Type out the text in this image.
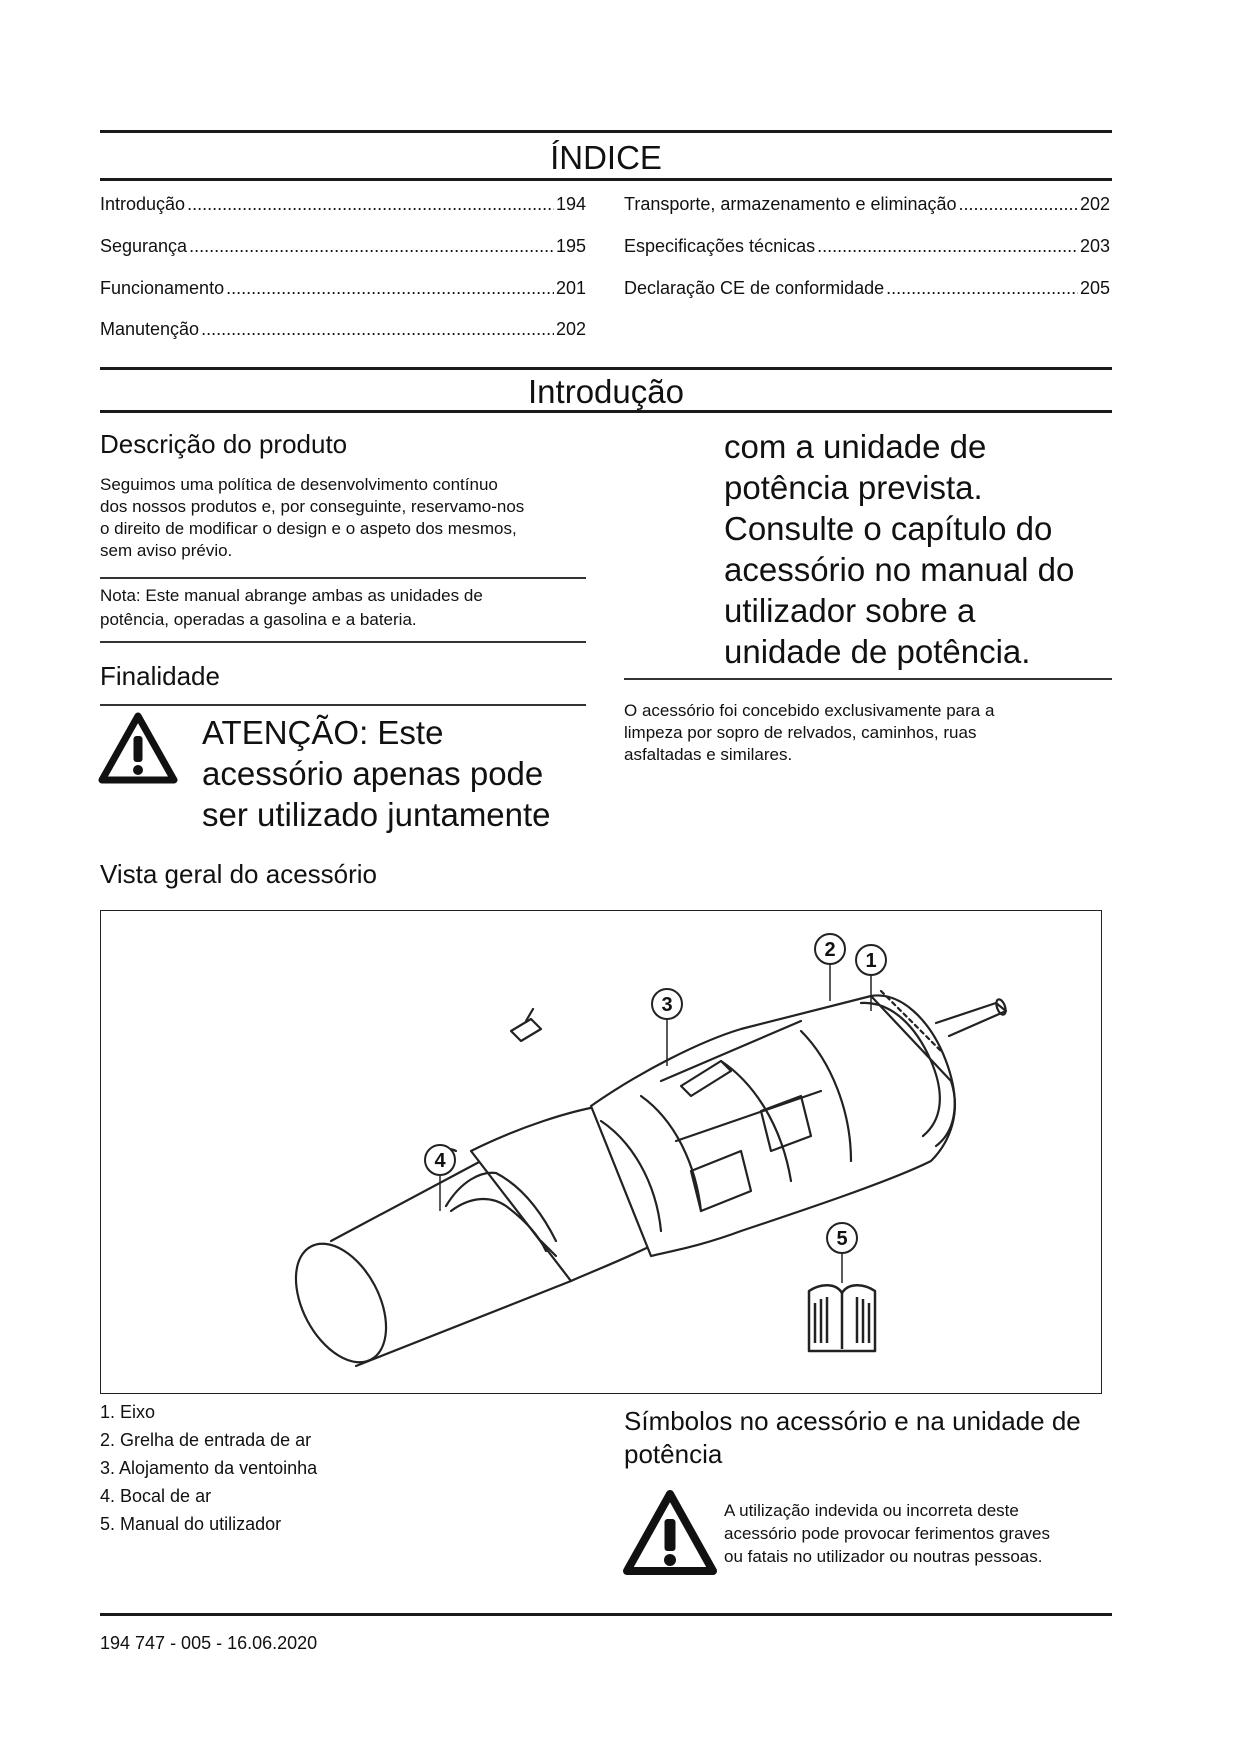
ÍNDICE
Introdução .....	194
Segurança .....	195
Funcionamento .....	201
Manutenção .....	202
Transporte, armazenamento e eliminação .....	202
Especificações técnicas .....	203
Declaração CE de conformidade .....	205
Introdução
Descrição do produto
Seguimos uma política de desenvolvimento contínuo
dos nossos produtos e, por conseguinte, reservamo-nos
o direito de modificar o design e o aspeto dos mesmos,
sem aviso prévio.
Nota: Este manual abrange ambas as unidades de
potência, operadas a gasolina e a bateria.
Finalidade
ATENÇÃO: Este
acessório apenas pode
ser utilizado juntamente
com a unidade de
potência prevista.
Consulte o capítulo do
acessório no manual do
utilizador sobre a
unidade de potência.
O acessório foi concebido exclusivamente para a
limpeza por sopro de relvados, caminhos, ruas
asfaltadas e similares.
Vista geral do acessório
1
2
3
4
5
1. Eixo
2. Grelha de entrada de ar
3. Alojamento da ventoinha
4. Bocal de ar
5. Manual do utilizador
Símbolos no acessório e na unidade de
potência
A utilização indevida ou incorreta deste
acessório pode provocar ferimentos graves
ou fatais no utilizador ou noutras pessoas.
194 747 - 005 - 16.06.2020
